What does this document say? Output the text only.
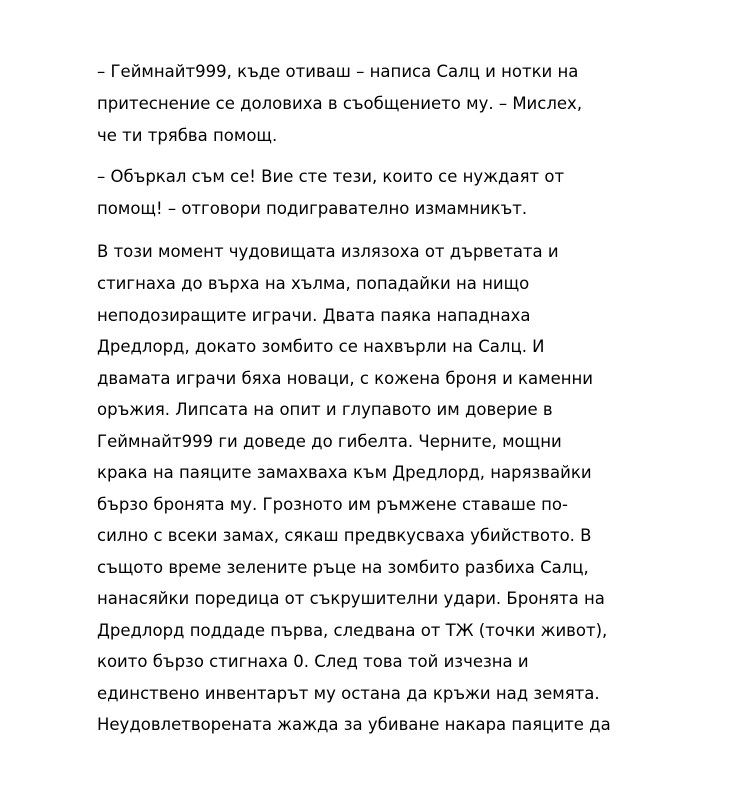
– Геймнайт999, къде отиваш – написа Салц и нотки на
притеснение се доловиха в съобщението му. – Мислех,
че ти трябва помощ.
– Объркал съм се! Вие сте тези, които се нуждаят от
помощ! – отговори подигравателно измамникът.
В този момент чудовищата излязоха от дърветата и
стигнаха до върха на хълма, попадайки на нищо
неподозиращите играчи. Двата паяка нападнаха
Дредлорд, докато зомбито се нахвърли на Салц. И
двамата играчи бяха новаци, с кожена броня и каменни
оръжия. Липсата на опит и глупавото им доверие в
Геймнайт999 ги доведе до гибелта. Черните, мощни
крака на паяците замахваха към Дредлорд, нарязвайки
бързо бронята му. Грозното им ръмжене ставаше по-
силно с всеки замах, сякаш предвкусваха убийството. В
същото време зелените ръце на зомбито разбиха Салц,
нанасяйки поредица от съкрушителни удари. Бронята на
Дредлорд поддаде първа, следвана от ТЖ (точки живот),
които бързо стигнаха 0. След това той изчезна и
единствено инвентарът му остана да кръжи над земята.
Неудовлетворената жажда за убиване накара паяците да
